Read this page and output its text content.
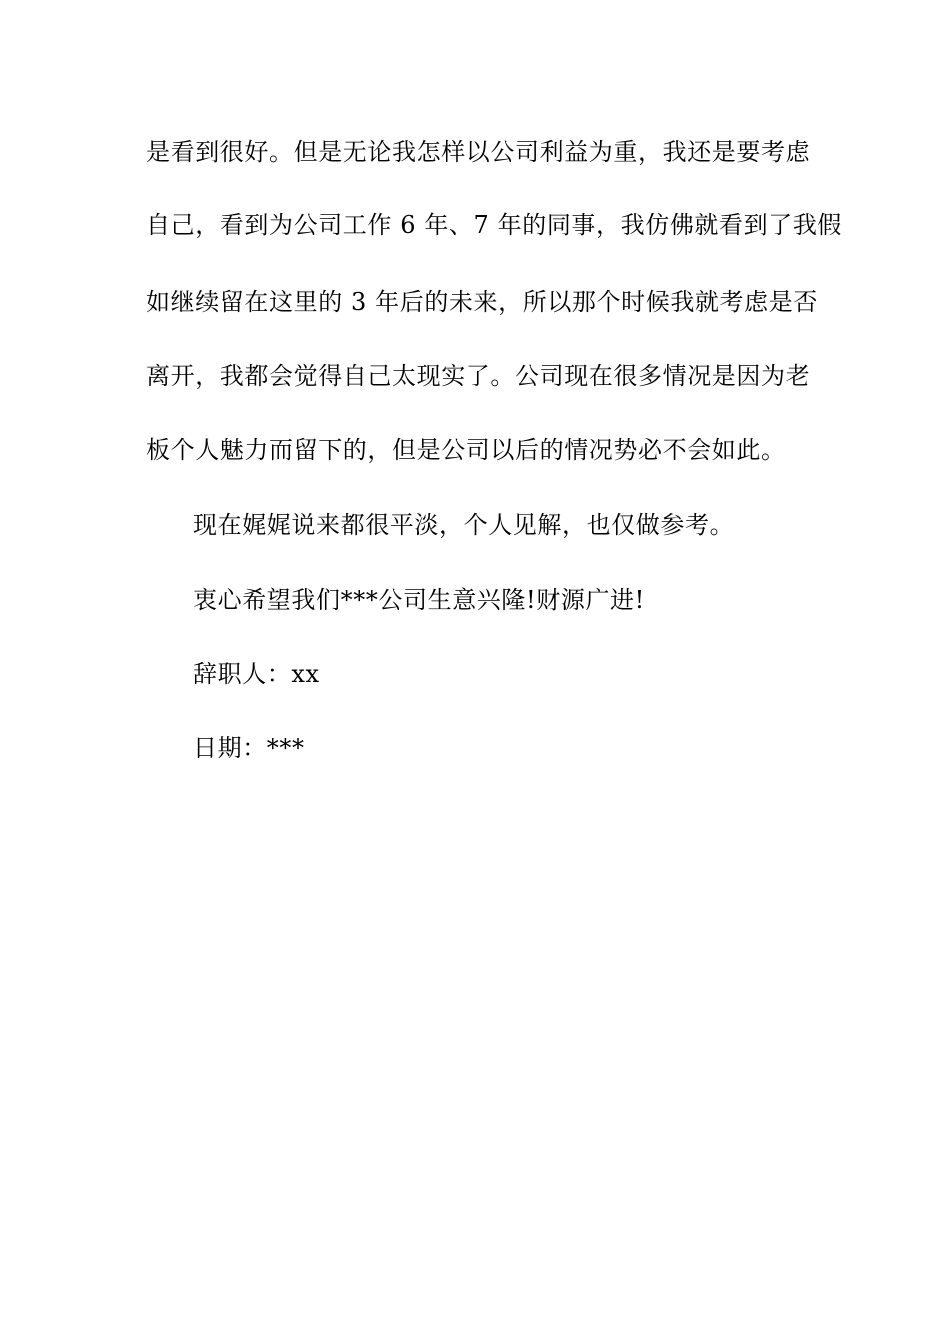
是看到很好。但是无论我怎样以公司利益为重，我还是要考虑
自己，看到为公司工作 6 年、7 年的同事，我仿佛就看到了我假
如继续留在这里的 3 年后的未来，所以那个时候我就考虑是否
离开，我都会觉得自己太现实了。公司现在很多情况是因为老
板个人魅力而留下的，但是公司以后的情况势必不会如此。
现在娓娓说来都很平淡，个人见解，也仅做参考。
衷心希望我们***公司生意兴隆!财源广进!
辞职人：xx
日期：***
